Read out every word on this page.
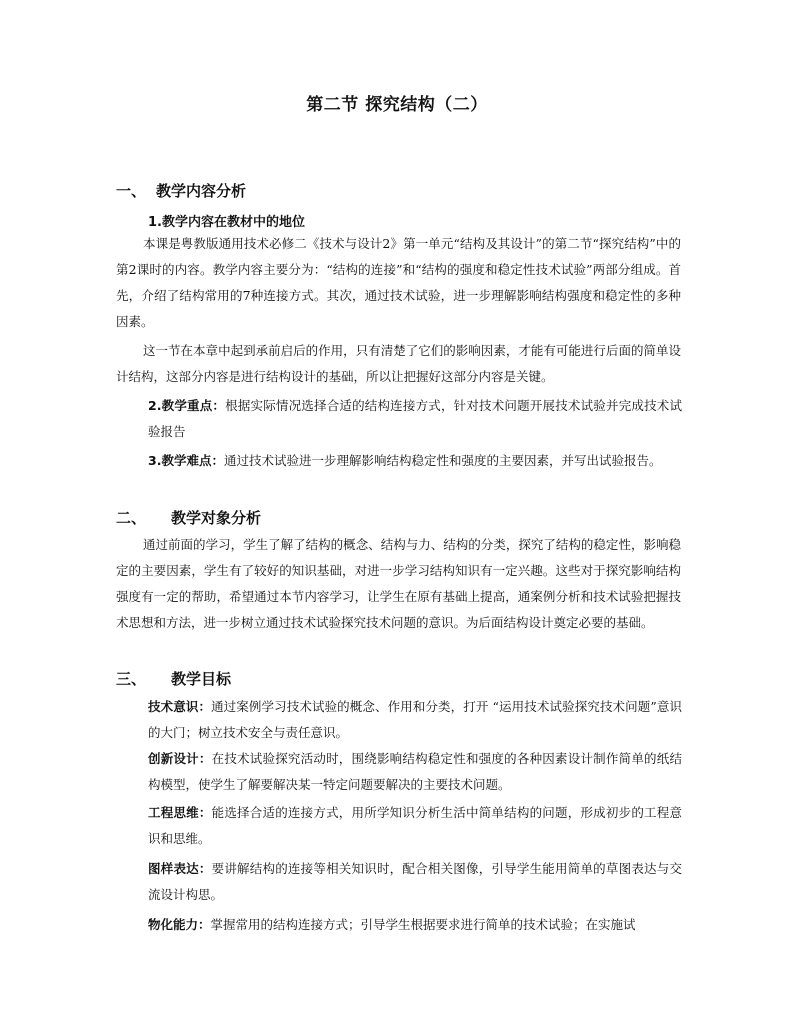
第二节 探究结构（二）
一、 教学内容分析
1.教学内容在教材中的地位
本课是粤教版通用技术必修二《技术与设计2》第一单元“结构及其设计”的第二节“探究结构”中的第2课时的内容。教学内容主要分为：“结构的连接”和“结构的强度和稳定性技术试验”两部分组成。首先，介绍了结构常用的7种连接方式。其次，通过技术试验，进一步理解影响结构强度和稳定性的多种因素。
这一节在本章中起到承前启后的作用，只有清楚了它们的影响因素，才能有可能进行后面的简单设计结构，这部分内容是进行结构设计的基础，所以让把握好这部分内容是关键。
2.教学重点：根据实际情况选择合适的结构连接方式，针对技术问题开展技术试验并完成技术试验报告
3.教学难点：通过技术试验进一步理解影响结构稳定性和强度的主要因素，并写出试验报告。
二、 教学对象分析
通过前面的学习，学生了解了结构的概念、结构与力、结构的分类，探究了结构的稳定性，影响稳定的主要因素，学生有了较好的知识基础，对进一步学习结构知识有一定兴趣。这些对于探究影响结构强度有一定的帮助，希望通过本节内容学习，让学生在原有基础上提高，通案例分析和技术试验把握技术思想和方法，进一步树立通过技术试验探究技术问题的意识。为后面结构设计奠定必要的基础。
三、 教学目标
技术意识：通过案例学习技术试验的概念、作用和分类，打开 “运用技术试验探究技术问题”意识的大门；树立技术安全与责任意识。
创新设计：在技术试验探究活动时，围绕影响结构稳定性和强度的各种因素设计制作简单的纸结构模型，使学生了解要解决某一特定问题要解决的主要技术问题。
工程思维：能选择合适的连接方式，用所学知识分析生活中简单结构的问题，形成初步的工程意识和思维。
图样表达：要讲解结构的连接等相关知识时，配合相关图像，引导学生能用简单的草图表达与交流设计构思。
物化能力：掌握常用的结构连接方式；引导学生根据要求进行简单的技术试验；在实施试
